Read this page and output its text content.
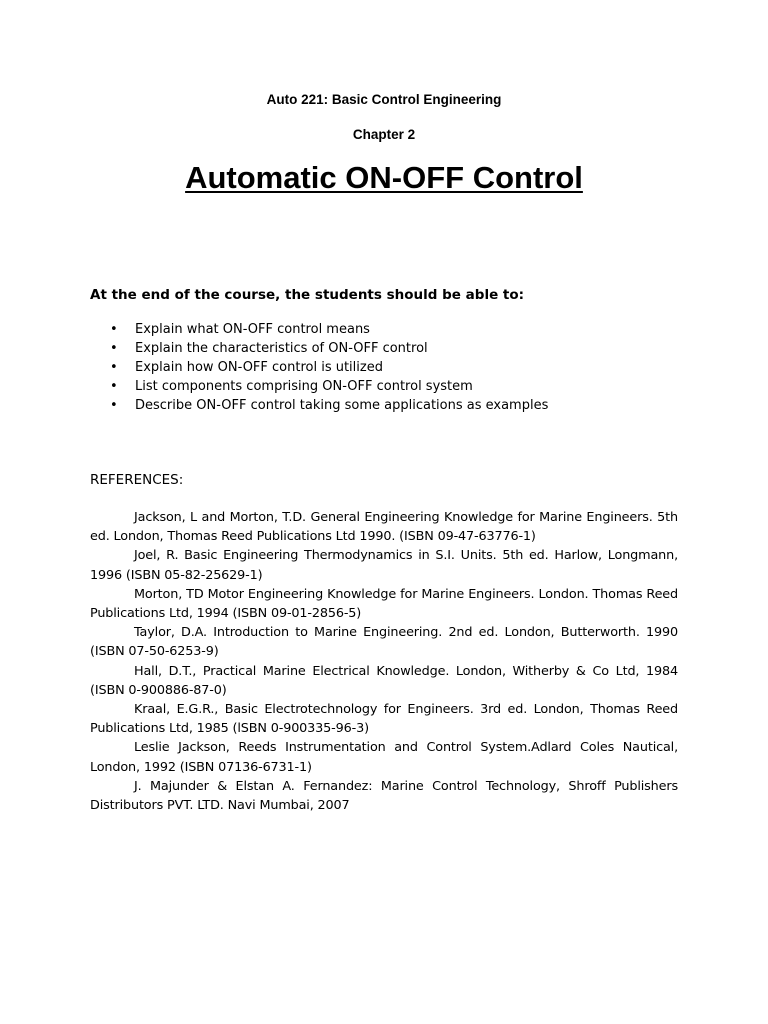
Auto 221: Basic Control Engineering
Chapter 2
Automatic ON-OFF Control
At the end of the course, the students should be able to:
• Explain what ON-OFF control means
• Explain the characteristics of ON-OFF control
• Explain how ON-OFF control is utilized
• List components comprising ON-OFF control system
• Describe ON-OFF control taking some applications as examples
REFERENCES:

Jackson, L and Morton, T.D. General Engineering Knowledge for Marine Engineers. 5th ed. London, Thomas Reed Publications Ltd 1990. (ISBN 09-47-63776-1)

Joel, R. Basic Engineering Thermodynamics in S.I. Units. 5th ed. Harlow, Longmann, 1996 (ISBN 05-82-25629-1)

Morton, TD Motor Engineering Knowledge for Marine Engineers. London. Thomas Reed Publications Ltd, 1994 (ISBN 09-01-2856-5)

Taylor, D.A. Introduction to Marine Engineering. 2nd ed. London, Butterworth. 1990 (ISBN 07-50-6253-9)

Hall, D.T., Practical Marine Electrical Knowledge. London, Witherby & Co Ltd, 1984 (ISBN 0-900886-87-0)

Kraal, E.G.R., Basic Electrotechnology for Engineers. 3rd ed. London, Thomas Reed Publications Ltd, 1985 (lSBN 0-900335-96-3)

Leslie Jackson, Reeds Instrumentation and Control System.Adlard Coles Nautical, London, 1992 (ISBN 07136-6731-1)

J. Majunder & Elstan A. Fernandez: Marine Control Technology, Shroff Publishers Distributors PVT. LTD. Navi Mumbai, 2007
